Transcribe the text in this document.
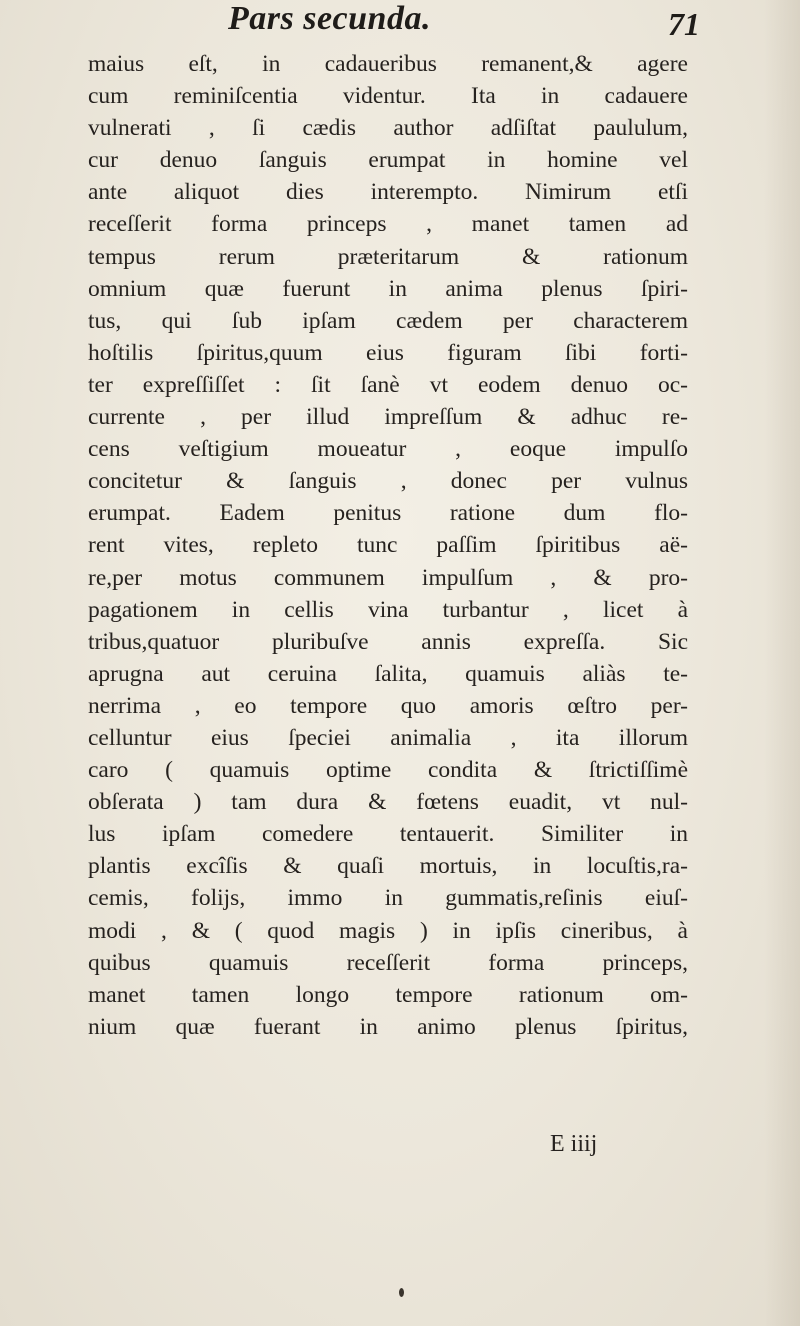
Pars secunda.	71
maius eſt, in cadaueribus remanent,& agere
cum reminiſcentia videntur. Ita in cadauere
vulnerati , ſi cædis author adſiſtat paululum,
cur denuo ſanguis erumpat in homine vel
ante aliquot dies interempto. Nimirum etſi
receſſerit forma princeps , manet tamen ad
tempus rerum præteritarum & rationum
omnium quæ fuerunt in anima plenus ſpiri-
tus, qui ſub ipſam cædem per characterem
hoſtilis ſpiritus,quum eius figuram ſibi forti-
ter expreſſiſſet : ſit ſanè vt eodem denuo oc-
currente , per illud impreſſum & adhuc re-
cens veſtigium moueatur , eoque impulſo
concitetur & ſanguis , donec per vulnus
erumpat. Eadem penitus ratione dum flo-
rent vites, repleto tunc paſſim ſpiritibus aë-
re,per motus communem impulſum , & pro-
pagationem in cellis vina turbantur , licet à
tribus,quatuor pluribuſve annis expreſſa. Sic
aprugna aut ceruina ſalita, quamuis aliàs te-
nerrima , eo tempore quo amoris œſtro per-
celluntur eius ſpeciei animalia , ita illorum
caro ( quamuis optime condita & ſtrictiſſimè
obſerata ) tam dura & fœtens euadit, vt nul-
lus ipſam comedere tentauerit. Similiter in
plantis excîſis & quaſi mortuis, in locuſtis,ra-
cemis, folijs, immo in gummatis,reſinis eiuſ-
modi , & ( quod magis ) in ipſis cineribus, à
quibus quamuis receſſerit forma princeps,
manet tamen longo tempore rationum om-
nium quæ fuerant in animo plenus ſpiritus,
E iiij
